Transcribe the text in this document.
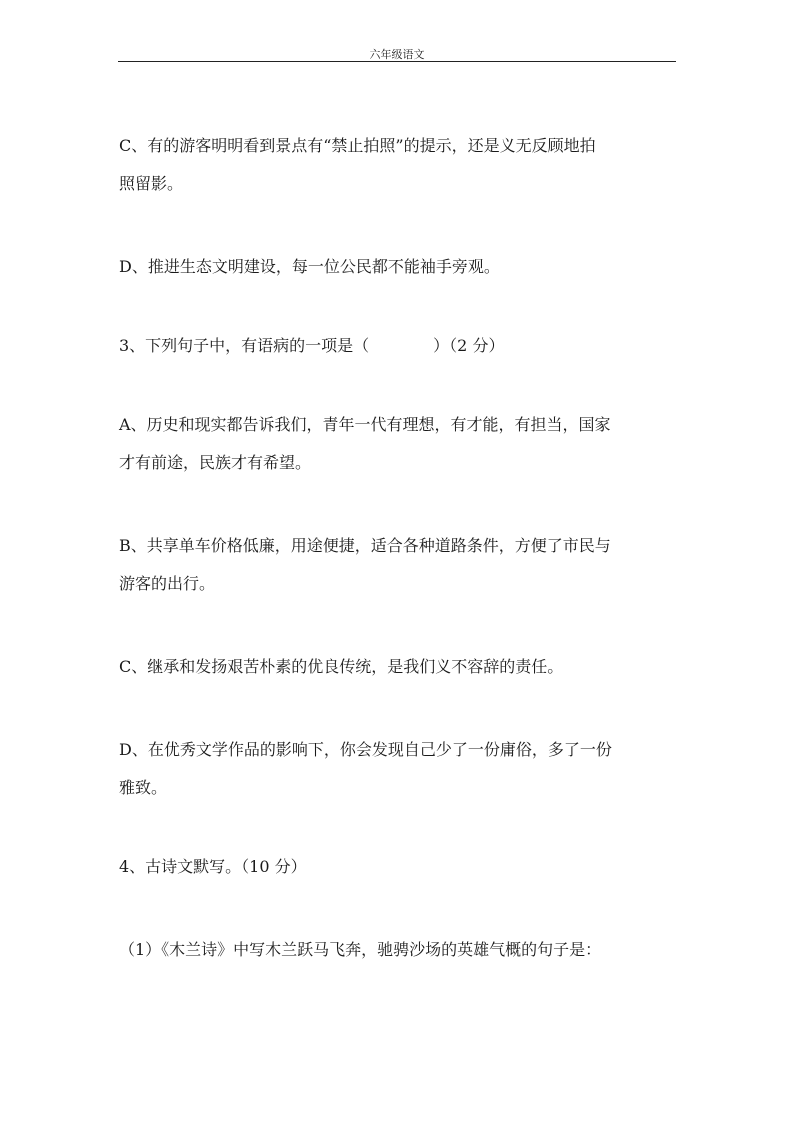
六年级语文
C、有的游客明明看到景点有“禁止拍照”的提示，还是义无反顾地拍
照留影。
D、推进生态文明建设，每一位公民都不能袖手旁观。
3、下列句子中，有语病的一项是（　　　　）（2 分）
A、历史和现实都告诉我们，青年一代有理想，有才能，有担当，国家
才有前途，民族才有希望。
B、共享单车价格低廉，用途便捷，适合各种道路条件，方便了市民与
游客的出行。
C、继承和发扬艰苦朴素的优良传统，是我们义不容辞的责任。
D、在优秀文学作品的影响下，你会发现自己少了一份庸俗，多了一份
雅致。
4、古诗文默写。（10 分）
（1）《木兰诗》中写木兰跃马飞奔，驰骋沙场的英雄气概的句子是：
